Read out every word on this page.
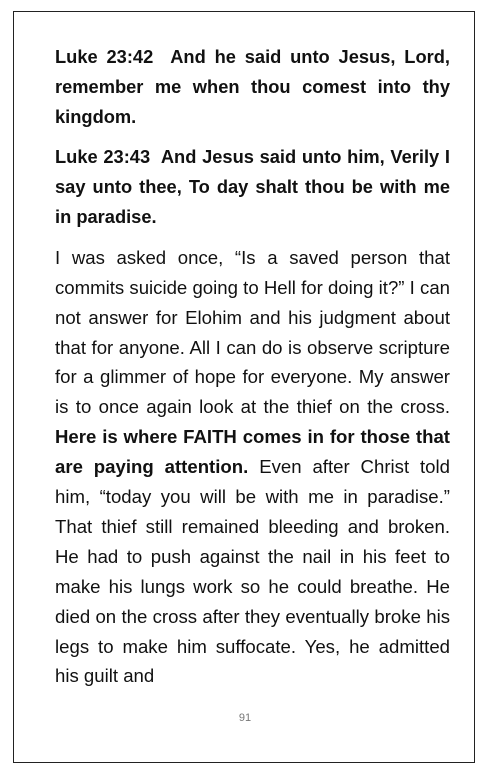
Luke 23:42 And he said unto Jesus, Lord, remember me when thou comest into thy kingdom.

Luke 23:43 And Jesus said unto him, Verily I say unto thee, To day shalt thou be with me in paradise.

I was asked once, “Is a saved person that commits suicide going to Hell for doing it?” I can not answer for Elohim and his judgment about that for anyone. All I can do is observe scripture for a glimmer of hope for everyone. My answer is to once again look at the thief on the cross. Here is where FAITH comes in for those that are paying attention. Even after Christ told him, “today you will be with me in paradise.” That thief still remained bleeding and broken. He had to push against the nail in his feet to make his lungs work so he could breathe. He died on the cross after they eventually broke his legs to make him suffocate. Yes, he admitted his guilt and

91
